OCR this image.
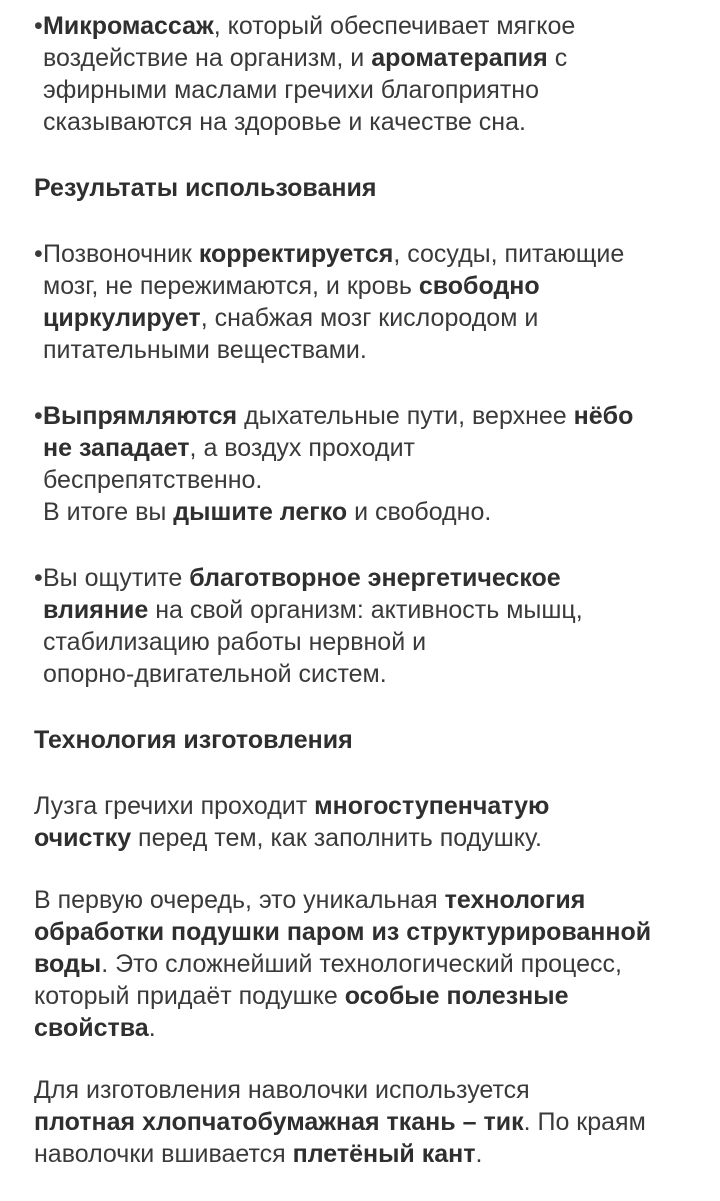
• Микромассаж, который обеспечивает мягкое
воздействие на организм, и ароматерапия с
эфирными маслами гречихи благоприятно
сказываются на здоровье и качестве сна.
Результаты использования
• Позвоночник корректируется, сосуды, питающие
мозг, не пережимаются, и кровь свободно
циркулирует, снабжая мозг кислородом и
питательными веществами.
• Выпрямляются дыхательные пути, верхнее нёбо
не западает, а воздух проходит
беспрепятственно.
В итоге вы дышите легко и свободно.
• Вы ощутите благотворное энергетическое
влияние на свой организм: активность мышц,
стабилизацию работы нервной и
опорно-двигательной систем.
Технология изготовления
Лузга гречихи проходит многоступенчатую
очистку перед тем, как заполнить подушку.
В первую очередь, это уникальная технология
обработки подушки паром из структурированной
воды. Это сложнейший технологический процесс,
который придаёт подушке особые полезные
свойства.
Для изготовления наволочки используется
плотная хлопчатобумажная ткань – тик. По краям
наволочки вшивается плетёный кант.
